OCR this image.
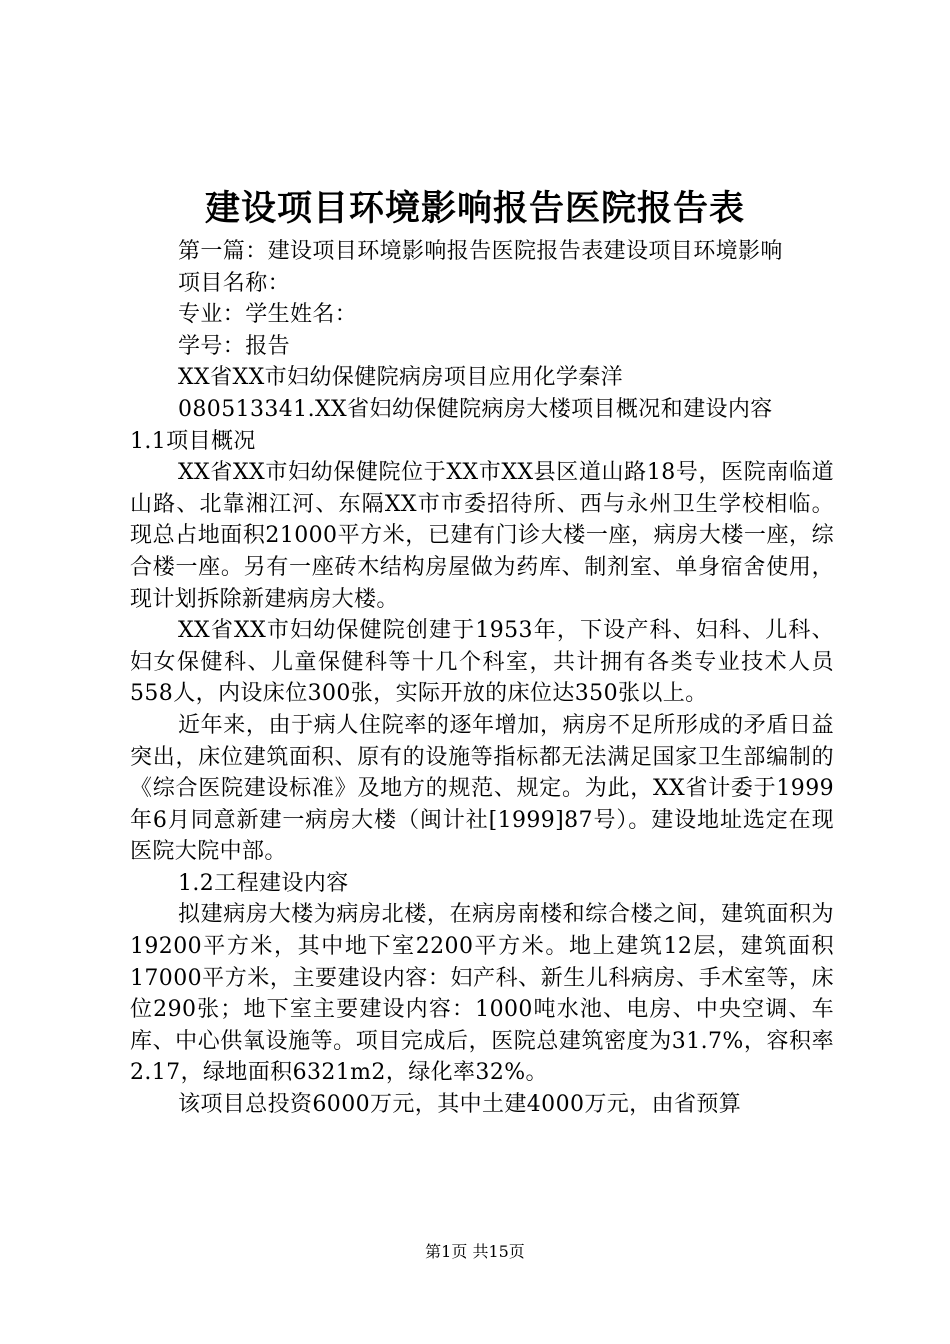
建设项目环境影响报告医院报告表

第一篇：建设项目环境影响报告医院报告表建设项目环境影响

项目名称：

专业：学生姓名：

学号：报告

XX省XX市妇幼保健院病房项目应用化学秦洋

080513341.XX省妇幼保健院病房大楼项目概况和建设内容

1.1项目概况

XX省XX市妇幼保健院位于XX市XX县区道山路18号，医院南临道山路、北靠湘江河、东隔XX市市委招待所、西与永州卫生学校相临。现总占地面积21000平方米，已建有门诊大楼一座，病房大楼一座，综合楼一座。另有一座砖木结构房屋做为药库、制剂室、单身宿舍使用，现计划拆除新建病房大楼。

XX省XX市妇幼保健院创建于1953年，下设产科、妇科、儿科、妇女保健科、儿童保健科等十几个科室，共计拥有各类专业技术人员558人，内设床位300张，实际开放的床位达350张以上。

近年来，由于病人住院率的逐年增加，病房不足所形成的矛盾日益突出，床位建筑面积、原有的设施等指标都无法满足国家卫生部编制的《综合医院建设标准》及地方的规范、规定。为此，XX省计委于1999年6月同意新建一病房大楼（闽计社[1999]87号）。建设地址选定在现医院大院中部。

1.2工程建设内容

拟建病房大楼为病房北楼，在病房南楼和综合楼之间，建筑面积为19200平方米，其中地下室2200平方米。地上建筑12层，建筑面积17000平方米，主要建设内容：妇产科、新生儿科病房、手术室等，床位290张；地下室主要建设内容：1000吨水池、电房、中央空调、车库、中心供氧设施等。项目完成后，医院总建筑密度为31.7%，容积率2.17，绿地面积6321m2，绿化率32%。

该项目总投资6000万元，其中土建4000万元，由省预算

第1页 共15页
